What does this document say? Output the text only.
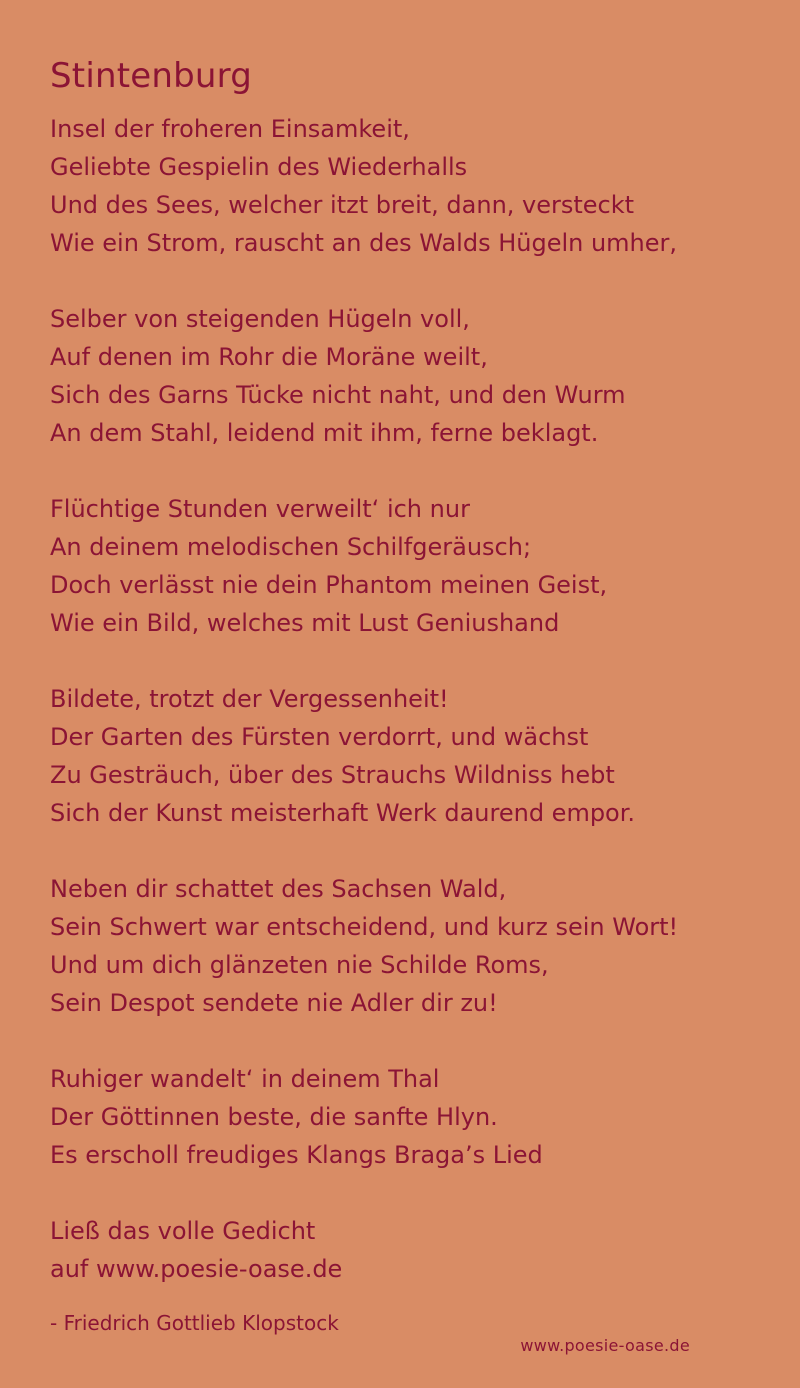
Stintenburg

Insel der froheren Einsamkeit,
Geliebte Gespielin des Wiederhalls
Und des Sees, welcher itzt breit, dann, versteckt
Wie ein Strom, rauscht an des Walds Hügeln umher,

Selber von steigenden Hügeln voll,
Auf denen im Rohr die Moräne weilt,
Sich des Garns Tücke nicht naht, und den Wurm
An dem Stahl, leidend mit ihm, ferne beklagt.

Flüchtige Stunden verweilt‘ ich nur
An deinem melodischen Schilfgeräusch;
Doch verlässt nie dein Phantom meinen Geist,
Wie ein Bild, welches mit Lust Geniushand

Bildete, trotzt der Vergessenheit!
Der Garten des Fürsten verdorrt, und wächst
Zu Gesträuch, über des Strauchs Wildniss hebt
Sich der Kunst meisterhaft Werk daurend empor.

Neben dir schattet des Sachsen Wald,
Sein Schwert war entscheidend, und kurz sein Wort!
Und um dich glänzeten nie Schilde Roms,
Sein Despot sendete nie Adler dir zu!

Ruhiger wandelt‘ in deinem Thal
Der Göttinnen beste, die sanfte Hlyn.
Es erscholl freudiges Klangs Braga’s Lied

Ließ das volle Gedicht
auf www.poesie-oase.de

- Friedrich Gottlieb Klopstock
www.poesie-oase.de
